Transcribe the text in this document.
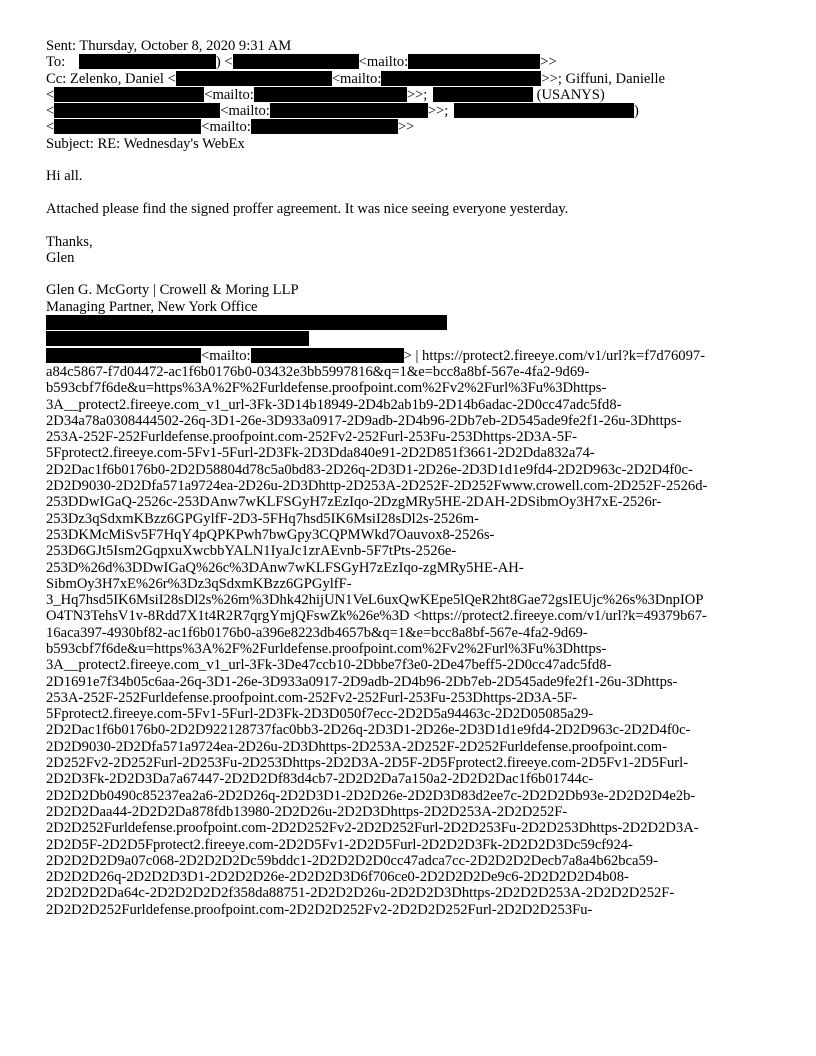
Sent: Thursday, October 8, 2020 9:31 AM
To:	) <	<mailto:	>>
Cc: Zelenko, Daniel <	<mailto:	>>; Giffuni, Danielle
<	<mailto:	>>;	(USANYS)
<	<mailto:	>>;	)
<	<mailto:	>>
Subject: RE: Wednesday's WebEx
Hi all.
Attached please find the signed proffer agreement. It was nice seeing everyone yesterday.
Thanks,
Glen
Glen G. McGorty | Crowell & Moring LLP
Managing Partner, New York Office
<mailto:	> | https://protect2.fireeye.com/v1/url?k=f7d76097-
a84c5867-f7d04472-ac1f6b0176b0-03432e3bb5997816&q=1&e=bcc8a8bf-567e-4fa2-9d69-
b593cbf7f6de&u=https%3A%2F%2Furldefense.proofpoint.com%2Fv2%2Furl%3Fu%3Dhttps-
3A__protect2.fireeye.com_v1_url-3Fk-3D14b18949-2D4b2ab1b9-2D14b6adac-2D0cc47adc5fd8-
2D34a78a0308444502-26q-3D1-26e-3D933a0917-2D9adb-2D4b96-2Db7eb-2D545ade9fe2f1-26u-3Dhttps-
253A-252F-252Furldefense.proofpoint.com-252Fv2-252Furl-253Fu-253Dhttps-2D3A-5F-
5Fprotect2.fireeye.com-5Fv1-5Furl-2D3Fk-2D3Dda840e91-2D2D851f3661-2D2Dda832a74-
2D2Dac1f6b0176b0-2D2D58804d78c5a0bd83-2D26q-2D3D1-2D26e-2D3D1d1e9fd4-2D2D963c-2D2D4f0c-
2D2D9030-2D2Dfa571a9724ea-2D26u-2D3Dhttp-2D253A-2D252F-2D252Fwww.crowell.com-2D252F-2526d-
253DDwIGaQ-2526c-253DAnw7wKLFSGyH7zEzIqo-2DzgMRy5HE-2DAH-2DSibmOy3H7xE-2526r-
253Dz3qSdxmKBzz6GPGylfF-2D3-5FHq7hsd5IK6MsiI28sDl2s-2526m-
253DKMcMiSv5F7HqY4pQPKPwh7bwGpy3CQPMWkd7Oauvox8-2526s-
253D6GJt5Ism2GqpxuXwcbbYALN1IyaJc1zrAEvnb-5F7tPts-2526e-
253D%26d%3DDwIGaQ%26c%3DAnw7wKLFSGyH7zEzIqo-zgMRy5HE-AH-
SibmOy3H7xE%26r%3Dz3qSdxmKBzz6GPGylfF-
3_Hq7hsd5IK6MsiI28sDl2s%26m%3Dhk42hijUN1VeL6uxQwKEpe5lQeR2ht8Gae72gsIEUjc%26s%3DnpIOP
O4TN3TehsV1v-8Rdd7X1t4R2R7qrgYmjQFswZk%26e%3D <https://protect2.fireeye.com/v1/url?k=49379b67-
16aca397-4930bf82-ac1f6b0176b0-a396e8223db4657b&q=1&e=bcc8a8bf-567e-4fa2-9d69-
b593cbf7f6de&u=https%3A%2F%2Furldefense.proofpoint.com%2Fv2%2Furl%3Fu%3Dhttps-
3A__protect2.fireeye.com_v1_url-3Fk-3De47ccb10-2Dbbe7f3e0-2De47beff5-2D0cc47adc5fd8-
2D1691e7f34b05c6aa-26q-3D1-26e-3D933a0917-2D9adb-2D4b96-2Db7eb-2D545ade9fe2f1-26u-3Dhttps-
253A-252F-252Furldefense.proofpoint.com-252Fv2-252Furl-253Fu-253Dhttps-2D3A-5F-
5Fprotect2.fireeye.com-5Fv1-5Furl-2D3Fk-2D3D050f7ecc-2D2D5a94463c-2D2D05085a29-
2D2Dac1f6b0176b0-2D2D922128737fac0bb3-2D26q-2D3D1-2D26e-2D3D1d1e9fd4-2D2D963c-2D2D4f0c-
2D2D9030-2D2Dfa571a9724ea-2D26u-2D3Dhttps-2D253A-2D252F-2D252Furldefense.proofpoint.com-
2D252Fv2-2D252Furl-2D253Fu-2D253Dhttps-2D2D3A-2D5F-2D5Fprotect2.fireeye.com-2D5Fv1-2D5Furl-
2D2D3Fk-2D2D3Da7a67447-2D2D2Df83d4cb7-2D2D2Da7a150a2-2D2D2Dac1f6b01744c-
2D2D2Db0490c85237ea2a6-2D2D26q-2D2D3D1-2D2D26e-2D2D3D83d2ee7c-2D2D2Db93e-2D2D2D4e2b-
2D2D2Daa44-2D2D2Da878fdb13980-2D2D26u-2D2D3Dhttps-2D2D253A-2D2D252F-
2D2D252Furldefense.proofpoint.com-2D2D252Fv2-2D2D252Furl-2D2D253Fu-2D2D253Dhttps-2D2D2D3A-
2D2D5F-2D2D5Fprotect2.fireeye.com-2D2D5Fv1-2D2D5Furl-2D2D2D3Fk-2D2D2D3Dc59cf924-
2D2D2D2D9a07c068-2D2D2D2Dc59bddc1-2D2D2D2D0cc47adca7cc-2D2D2D2Decb7a8a4b62bca59-
2D2D2D26q-2D2D2D3D1-2D2D2D26e-2D2D2D3D6f706ce0-2D2D2D2De9c6-2D2D2D2D4b08-
2D2D2D2Da64c-2D2D2D2D2f358da88751-2D2D2D26u-2D2D2D3Dhttps-2D2D2D253A-2D2D2D252F-
2D2D2D252Furldefense.proofpoint.com-2D2D2D252Fv2-2D2D2D252Furl-2D2D2D253Fu-
